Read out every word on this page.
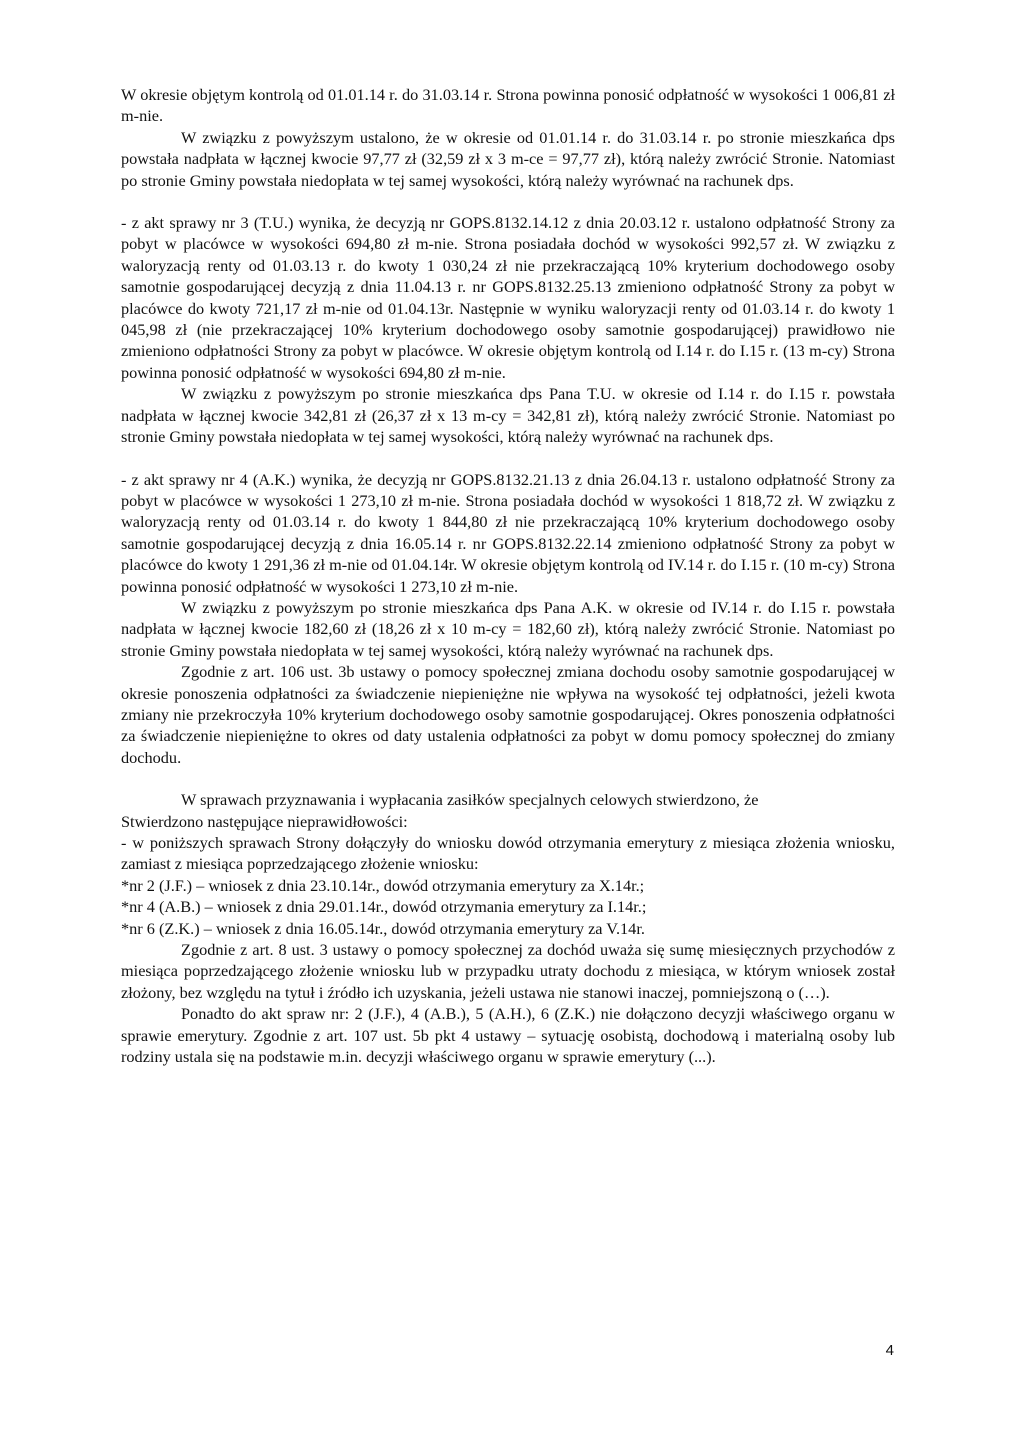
W okresie objętym kontrolą od 01.01.14 r. do 31.03.14 r. Strona powinna ponosić odpłatność w wysokości 1 006,81 zł m-nie.

W związku z powyższym ustalono, że w okresie od 01.01.14 r. do 31.03.14 r. po stronie mieszkańca dps powstała nadpłata w łącznej kwocie 97,77 zł (32,59 zł x 3 m-ce = 97,77 zł), którą należy zwrócić Stronie. Natomiast po stronie Gminy powstała niedopłata w tej samej wysokości, którą należy wyrównać na rachunek dps.

- z akt sprawy nr 3 (T.U.) wynika, że decyzją nr GOPS.8132.14.12 z dnia 20.03.12 r. ustalono odpłatność Strony za pobyt w placówce w wysokości 694,80 zł m-nie. Strona posiadała dochód w wysokości 992,57 zł. W związku z waloryzacją renty od 01.03.13 r. do kwoty 1 030,24 zł nie przekraczającą 10% kryterium dochodowego osoby samotnie gospodarującej decyzją z dnia 11.04.13 r. nr GOPS.8132.25.13 zmieniono odpłatność Strony za pobyt w placówce do kwoty 721,17 zł m-nie od 01.04.13r. Następnie w wyniku waloryzacji renty od 01.03.14 r. do kwoty 1 045,98 zł (nie przekraczającej 10% kryterium dochodowego osoby samotnie gospodarującej) prawidłowo nie zmieniono odpłatności Strony za pobyt w placówce. W okresie objętym kontrolą od I.14 r. do I.15 r. (13 m-cy) Strona powinna ponosić odpłatność w wysokości 694,80 zł m-nie.

W związku z powyższym po stronie mieszkańca dps Pana T.U. w okresie od I.14 r. do I.15 r. powstała nadpłata w łącznej kwocie 342,81 zł (26,37 zł x 13 m-cy = 342,81 zł), którą należy zwrócić Stronie. Natomiast po stronie Gminy powstała niedopłata w tej samej wysokości, którą należy wyrównać na rachunek dps.

- z akt sprawy nr 4 (A.K.) wynika, że decyzją nr GOPS.8132.21.13 z dnia 26.04.13 r. ustalono odpłatność Strony za pobyt w placówce w wysokości 1 273,10 zł m-nie. Strona posiadała dochód w wysokości 1 818,72 zł. W związku z waloryzacją renty od 01.03.14 r. do kwoty 1 844,80 zł nie przekraczającą 10% kryterium dochodowego osoby samotnie gospodarującej decyzją z dnia 16.05.14 r. nr GOPS.8132.22.14 zmieniono odpłatność Strony za pobyt w placówce do kwoty 1 291,36 zł m-nie od 01.04.14r. W okresie objętym kontrolą od IV.14 r. do I.15 r. (10 m-cy) Strona powinna ponosić odpłatność w wysokości 1 273,10 zł m-nie.

W związku z powyższym po stronie mieszkańca dps Pana A.K. w okresie od IV.14 r. do I.15 r. powstała nadpłata w łącznej kwocie 182,60 zł (18,26 zł x 10 m-cy = 182,60 zł), którą należy zwrócić Stronie. Natomiast po stronie Gminy powstała niedopłata w tej samej wysokości, którą należy wyrównać na rachunek dps.

Zgodnie z art. 106 ust. 3b ustawy o pomocy społecznej zmiana dochodu osoby samotnie gospodarującej w okresie ponoszenia odpłatności za świadczenie niepieniężne nie wpływa na wysokość tej odpłatności, jeżeli kwota zmiany nie przekroczyła 10% kryterium dochodowego osoby samotnie gospodarującej. Okres ponoszenia odpłatności za świadczenie niepieniężne to okres od daty ustalenia odpłatności za pobyt w domu pomocy społecznej do zmiany dochodu.

W sprawach przyznawania i wypłacania zasiłków specjalnych celowych stwierdzono, że

Stwierdzono następujące nieprawidłowości:

- w poniższych sprawach Strony dołączyły do wniosku dowód otrzymania emerytury z miesiąca złożenia wniosku, zamiast z miesiąca poprzedzającego złożenie wniosku:

*nr 2 (J.F.) – wniosek z dnia 23.10.14r., dowód otrzymania emerytury za X.14r.;

*nr 4 (A.B.) – wniosek z dnia 29.01.14r., dowód otrzymania emerytury za I.14r.;

*nr 6 (Z.K.) – wniosek z dnia 16.05.14r., dowód otrzymania emerytury za V.14r.

Zgodnie z art. 8 ust. 3 ustawy o pomocy społecznej za dochód uważa się sumę miesięcznych przychodów z miesiąca poprzedzającego złożenie wniosku lub w przypadku utraty dochodu z miesiąca, w którym wniosek został złożony, bez względu na tytuł i źródło ich uzyskania, jeżeli ustawa nie stanowi inaczej, pomniejszoną o (…).

Ponadto do akt spraw nr: 2 (J.F.), 4 (A.B.), 5 (A.H.), 6 (Z.K.) nie dołączono decyzji właściwego organu w sprawie emerytury. Zgodnie z art. 107 ust. 5b pkt 4 ustawy – sytuację osobistą, dochodową i materialną osoby lub rodziny ustala się na podstawie m.in. decyzji właściwego organu w sprawie emerytury (...).

4
